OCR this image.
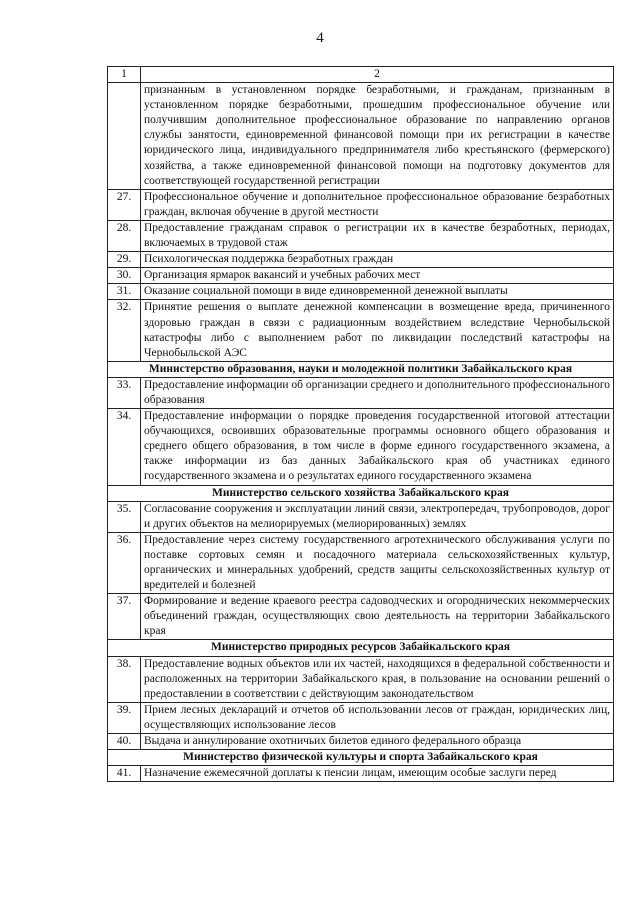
4
1	2
	признанным в установленном порядке безработными, и гражданам, признанным в установленном порядке безработными, прошедшим профессиональное обучение или получившим дополнительное профессиональное образование по направлению органов службы занятости, единовременной финансовой помощи при их регистрации в качестве юридического лица, индивидуального предпринимателя либо крестьянского (фермерского) хозяйства, а также единовременной финансовой помощи на подготовку документов для соответствующей государственной регистрации
27.	Профессиональное обучение и дополнительное профессиональное образование безработных граждан, включая обучение в другой местности
28.	Предоставление гражданам справок о регистрации их в качестве безработных, периодах, включаемых в трудовой стаж
29.	Психологическая поддержка безработных граждан
30.	Организация ярмарок вакансий и учебных рабочих мест
31.	Оказание социальной помощи в виде единовременной денежной выплаты
32.	Принятие решения о выплате денежной компенсации в возмещение вреда, причиненного здоровью граждан в связи с радиационным воздействием вследствие Чернобыльской катастрофы либо с выполнением работ по ликвидации последствий катастрофы на Чернобыльской АЭС
Министерство образования, науки и молодежной политики Забайкальского края	
33.	Предоставление информации об организации среднего и дополнительного профессионального образования
34.	Предоставление информации о порядке проведения государственной итоговой аттестации обучающихся, освоивших образовательные программы основного общего образования и среднего общего образования, в том числе в форме единого государственного экзамена, а также информации из баз данных Забайкальского края об участниках единого государственного экзамена и о результатах единого государственного экзамена
Министерство сельского хозяйства Забайкальского края	
35.	Согласование сооружения и эксплуатации линий связи, электропередач, трубопроводов, дорог и других объектов на мелиорируемых (мелиорированных) землях
36.	Предоставление через систему государственного агротехнического обслуживания услуги по поставке сортовых семян и посадочного материала сельскохозяйственных культур, органических и минеральных удобрений, средств защиты сельскохозяйственных культур от вредителей и болезней
37.	Формирование и ведение краевого реестра садоводческих и огороднических некоммерческих объединений граждан, осуществляющих свою деятельность на территории Забайкальского края
Министерство природных ресурсов Забайкальского края	
38.	Предоставление водных объектов или их частей, находящихся в федеральной собственности и расположенных на территории Забайкальского края, в пользование на основании решений о предоставлении в соответствии с действующим законодательством
39.	Прием лесных деклараций и отчетов об использовании лесов от граждан, юридических лиц, осуществляющих использование лесов
40.	Выдача и аннулирование охотничьих билетов единого федерального образца
Министерство физической культуры и спорта Забайкальского края	
41.	Назначение ежемесячной доплаты к пенсии лицам, имеющим особые заслуги перед
